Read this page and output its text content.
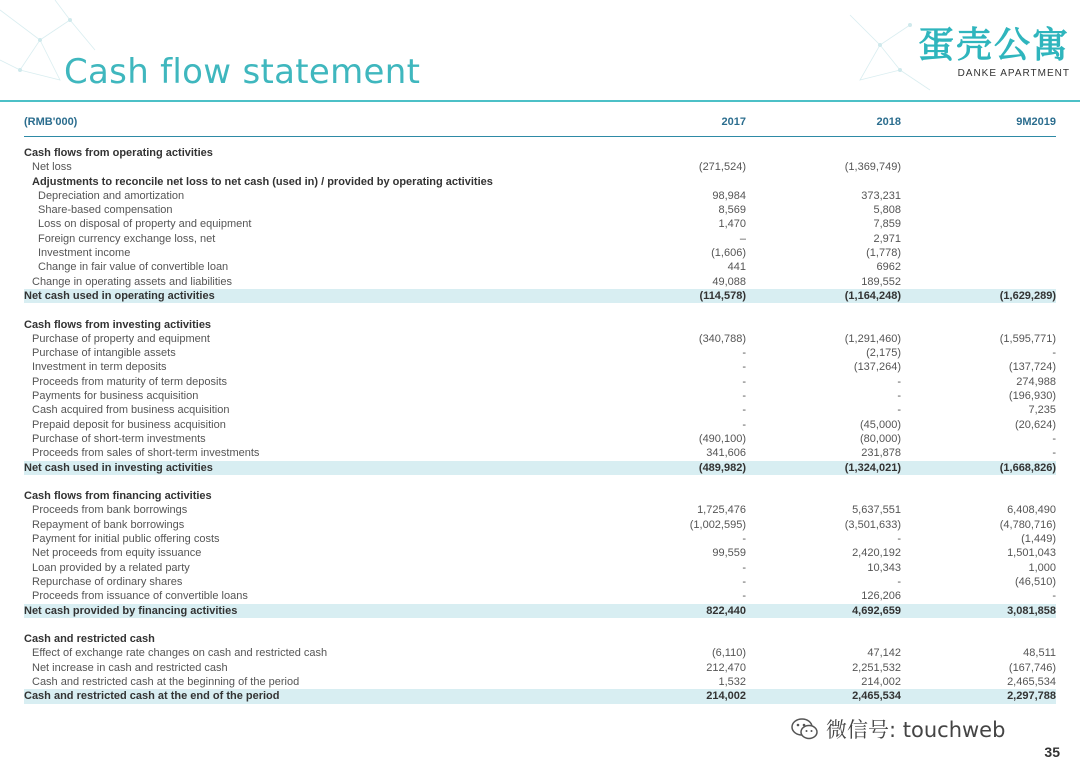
Cash flow statement
蛋壳公寓
DANKE APARTMENT
(RMB'000)	2017	2018	9M2019
Cash flows from operating activities
Net loss	(271,524)	(1,369,749)
Adjustments to reconcile net loss to net cash (used in) / provided by operating activities
Depreciation and amortization	98,984	373,231
Share-based compensation	8,569	5,808
Loss on disposal of property and equipment	1,470	7,859
Foreign currency exchange loss, net	–	2,971
Investment income	(1,606)	(1,778)
Change in fair value of convertible loan	441	6962
Change in operating assets and liabilities	49,088	189,552
Net cash used in operating activities	(114,578)	(1,164,248)	(1,629,289)
Cash flows from investing activities
Purchase of property and equipment	(340,788)	(1,291,460)	(1,595,771)
Purchase of intangible assets	-	(2,175)	-
Investment in term deposits	-	(137,264)	(137,724)
Proceeds from maturity of term deposits	-	-	274,988
Payments for business acquisition	-	-	(196,930)
Cash acquired from business acquisition	-	-	7,235
Prepaid deposit for business acquisition	-	(45,000)	(20,624)
Purchase of short-term investments	(490,100)	(80,000)	-
Proceeds from sales of short-term investments	341,606	231,878	-
Net cash used in investing activities	(489,982)	(1,324,021)	(1,668,826)
Cash flows from financing activities
Proceeds from bank borrowings	1,725,476	5,637,551	6,408,490
Repayment of bank borrowings	(1,002,595)	(3,501,633)	(4,780,716)
Payment for initial public offering costs	-	-	(1,449)
Net proceeds from equity issuance	99,559	2,420,192	1,501,043
Loan provided by a related party	-	10,343	1,000
Repurchase of ordinary shares	-	-	(46,510)
Proceeds from issuance of convertible loans	-	126,206	-
Net cash provided by financing activities	822,440	4,692,659	3,081,858
Cash and restricted cash
Effect of exchange rate changes on cash and restricted cash	(6,110)	47,142	48,511
Net increase in cash and restricted cash	212,470	2,251,532	(167,746)
Cash and restricted cash at the beginning of the period	1,532	214,002	2,465,534
Cash and restricted cash at the end of the period	214,002	2,465,534	2,297,788
微信号: touchweb
35
